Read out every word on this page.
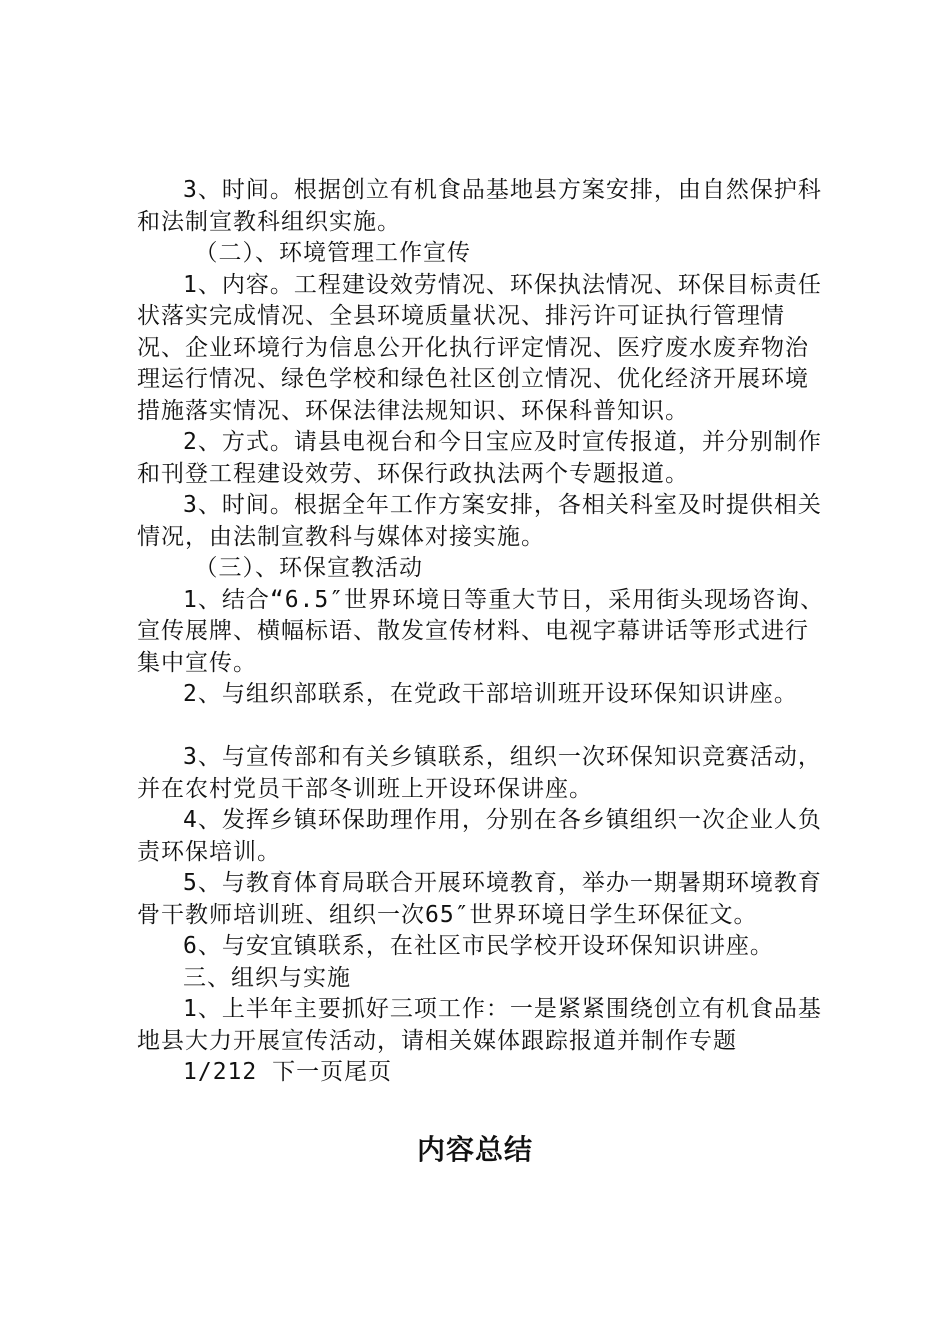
3、时间。根据创立有机食品基地县方案安排，由自然保护科和法制宣教科组织实施。

（二）、环境管理工作宣传

1、内容。工程建设效劳情况、环保执法情况、环保目标责任状落实完成情况、全县环境质量状况、排污许可证执行管理情况、企业环境行为信息公开化执行评定情况、医疗废水废弃物治理运行情况、绿色学校和绿色社区创立情况、优化经济开展环境措施落实情况、环保法律法规知识、环保科普知识。

2、方式。请县电视台和今日宝应及时宣传报道，并分别制作和刊登工程建设效劳、环保行政执法两个专题报道。

3、时间。根据全年工作方案安排，各相关科室及时提供相关情况，由法制宣教科与媒体对接实施。

（三）、环保宣教活动

1、结合“6.5″世界环境日等重大节日，采用街头现场咨询、宣传展牌、横幅标语、散发宣传材料、电视字幕讲话等形式进行集中宣传。

2、与组织部联系，在党政干部培训班开设环保知识讲座。

3、与宣传部和有关乡镇联系，组织一次环保知识竞赛活动，并在农村党员干部冬训班上开设环保讲座。

4、发挥乡镇环保助理作用，分别在各乡镇组织一次企业人负责环保培训。

5、与教育体育局联合开展环境教育，举办一期暑期环境教育骨干教师培训班、组织一次65″世界环境日学生环保征文。

6、与安宜镇联系，在社区市民学校开设环保知识讲座。

三、组织与实施

1、上半年主要抓好三项工作：一是紧紧围绕创立有机食品基地县大力开展宣传活动，请相关媒体跟踪报道并制作专题

1/212 下一页尾页

内容总结
